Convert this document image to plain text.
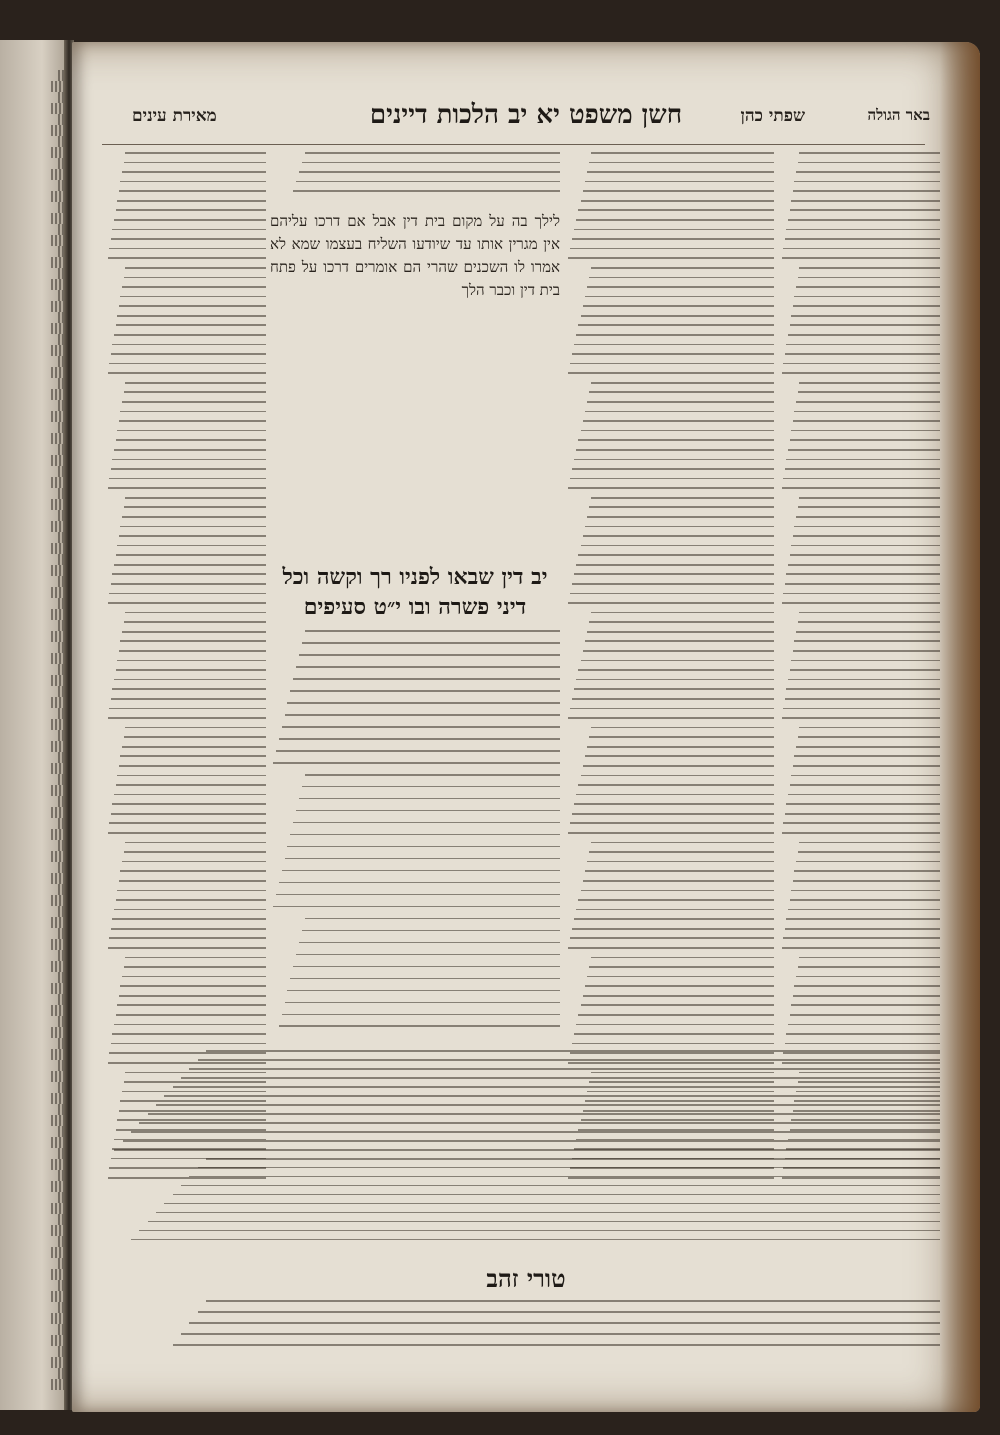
מאירת עינים	חשן משפט יא יב הלכות דיינים	שפתי כהן	באר הגולה
לילך בה על מקום בית דין אבל אם דרכו עליהם אין מגרין אותו עד שיודעו השליח בעצמו שמא לא אמרו לו השכנים שהרי הם אומרים דרכו על פתח בית דין וכבר הלך
יב דין שבאו לפניו רך וקשה וכל דיני פשרה ובו י״ט סעיפים
טורי זהב
